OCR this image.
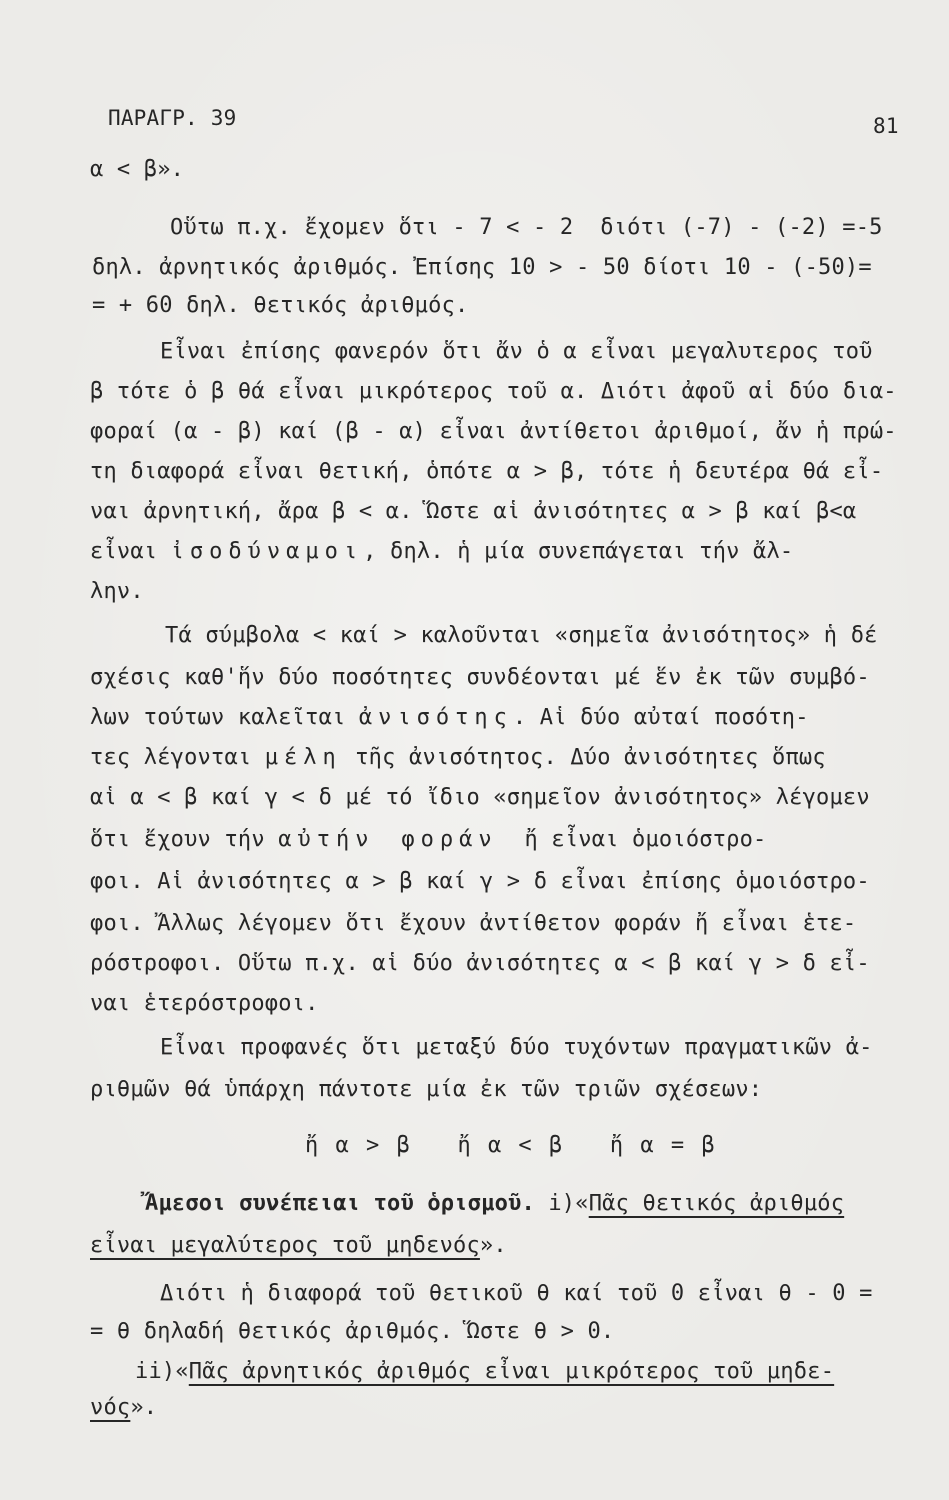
ΠΑΡΑΓΡ. 39	81
α < β».
Οὕτω π.χ. ἔχομεν ὅτι - 7 < - 2  διότι (-7) - (-2) =-5
δηλ. ἀρνητικός ἀριθμός. Ἐπίσης 10 > - 50 δίοτι 10 - (-50)=
= + 60 δηλ. θετικός ἀριθμός.
Εἶναι ἐπίσης φανερόν ὅτι ἄν ὁ α εἶναι μεγαλυτερος τοῦ
β τότε ὁ β θά εἶναι μικρότερος τοῦ α. Διότι ἀφοῦ αἱ δύο δια-
φοραί (α - β) καί (β - α) εἶναι ἀντίθετοι ἀριθμοί, ἄν ἡ πρώ-
τη διαφορά εἶναι θετική, ὁπότε α > β, τότε ἡ δευτέρα θά εἶ-
ναι ἀρνητική, ἄρα β < α. Ὥστε αἱ ἀνισότητες α > β καί β<α
εἶναι ἰσοδύναμοι, δηλ. ἡ μία συνεπάγεται τήν ἄλ-
λην.
Τά σύμβολα < καί > καλοῦνται «σημεῖα ἀνισότητος» ἡ δέ
σχέσις καθ'ἥν δύο ποσότητες συνδέονται μέ ἕν ἐκ τῶν συμβό-
λων τούτων καλεῖται ἀνισότης. Αἱ δύο αὐταί ποσότη-
τες λέγονται μέλη τῆς ἀνισότητος. Δύο ἀνισότητες ὅπως
αἱ α < β καί γ < δ μέ τό ἴδιο «σημεῖον ἀνισότητος» λέγομεν
ὅτι ἔχουν τήν αὐτήν φοράν  ἤ εἶναι ὁμοιόστρο-
φοι. Αἱ ἀνισότητες α > β καί γ > δ εἶναι ἐπίσης ὁμοιόστρο-
φοι. Ἄλλως λέγομεν ὅτι ἔχουν ἀντίθετον φοράν ἤ εἶναι ἑτε-
ρόστροφοι. Οὕτω π.χ. αἱ δύο ἀνισότητες α < β καί γ > δ εἶ-
ναι ἑτερόστροφοι.
Εἶναι προφανές ὅτι μεταξύ δύο τυχόντων πραγματικῶν ἀ-
ριθμῶν θά ὑπάρχη πάντοτε μία ἐκ τῶν τριῶν σχέσεων:
ἤ α > β   ἤ α < β   ἤ α = β
Ἄμεσοι συνέπειαι τοῦ ὁρισμοῦ. i)«Πᾶς θετικός ἀριθμός
εἶναι μεγαλύτερος τοῦ μηδενός».
Διότι ἡ διαφορά τοῦ θετικοῦ θ καί τοῦ 0 εἶναι θ - 0 =
= θ δηλαδή θετικός ἀριθμός. Ὥστε θ > 0.
ii)«Πᾶς ἀρνητικός ἀριθμός εἶναι μικρότερος τοῦ μηδε-
νός».
